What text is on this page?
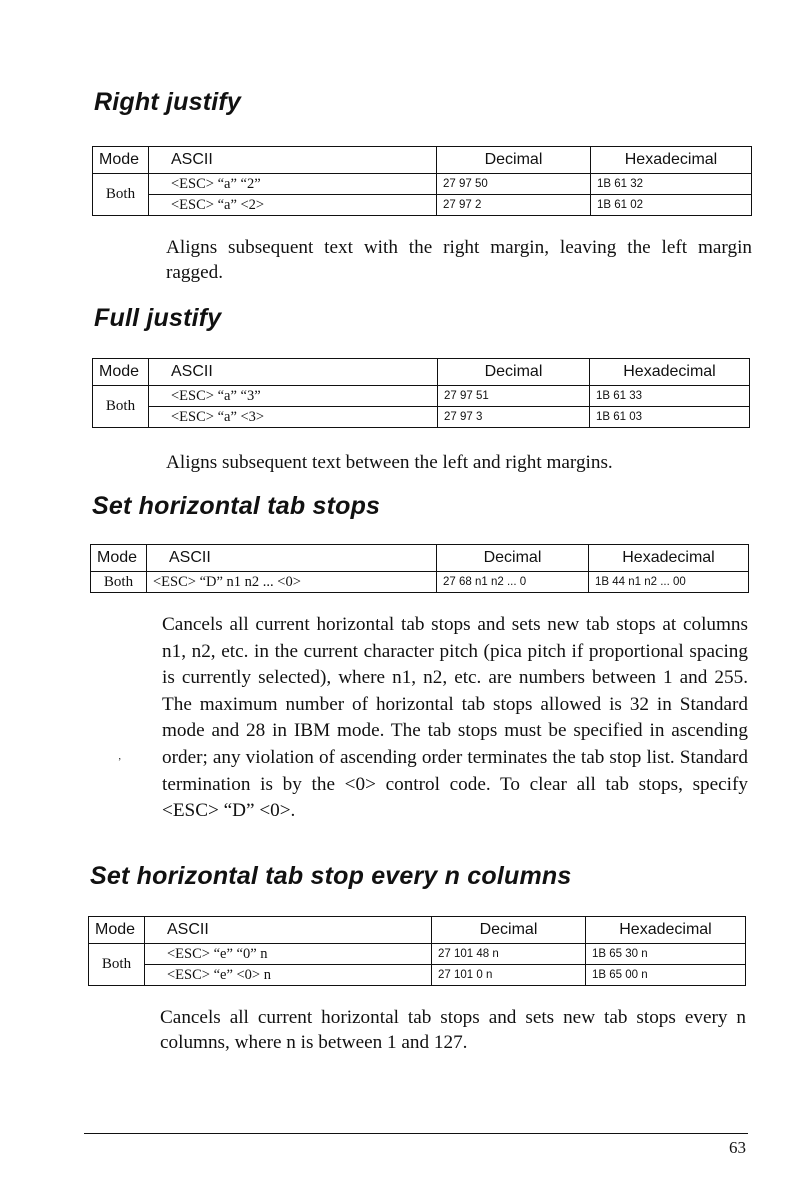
Right justify
Mode	ASCII	Decimal	Hexadecimal
Both	<ESC> “a” “2”	27 97 50	1B 61 32
	<ESC> “a” <2>	27 97 2	1B 61 02
Aligns subsequent text with the right margin, leaving the left margin ragged.
Full justify
Mode	ASCII	Decimal	Hexadecimal
Both	<ESC> “a” “3”	27 97 51	1B 61 33
	<ESC> “a” <3>	27 97 3	1B 61 03
Aligns subsequent text between the left and right margins.
Set horizontal tab stops
Mode	ASCII	Decimal	Hexadecimal
Both	<ESC> “D” n1 n2 ... <0>	27 68 n1 n2 ... 0	1B 44 n1 n2 ... 00
Cancels all current horizontal tab stops and sets new tab stops at columns n1, n2, etc. in the current character pitch (pica pitch if proportional spacing is currently selected), where n1, n2, etc. are numbers between 1 and 255. The maximum number of horizontal tab stops allowed is 32 in Standard mode and 28 in IBM mode. The tab stops must be specified in ascending order; any violation of ascending order terminates the tab stop list. Standard termination is by the <0> control code. To clear all tab stops, specify <ESC> “D” <0>.
’
Set horizontal tab stop every n columns
Mode	ASCII	Decimal	Hexadecimal
Both	<ESC> “e” “0” n	27 101 48 n	1B 65 30 n
	<ESC> “e” <0> n	27 101 0 n	1B 65 00 n
Cancels all current horizontal tab stops and sets new tab stops every n columns, where n is between 1 and 127.
63
